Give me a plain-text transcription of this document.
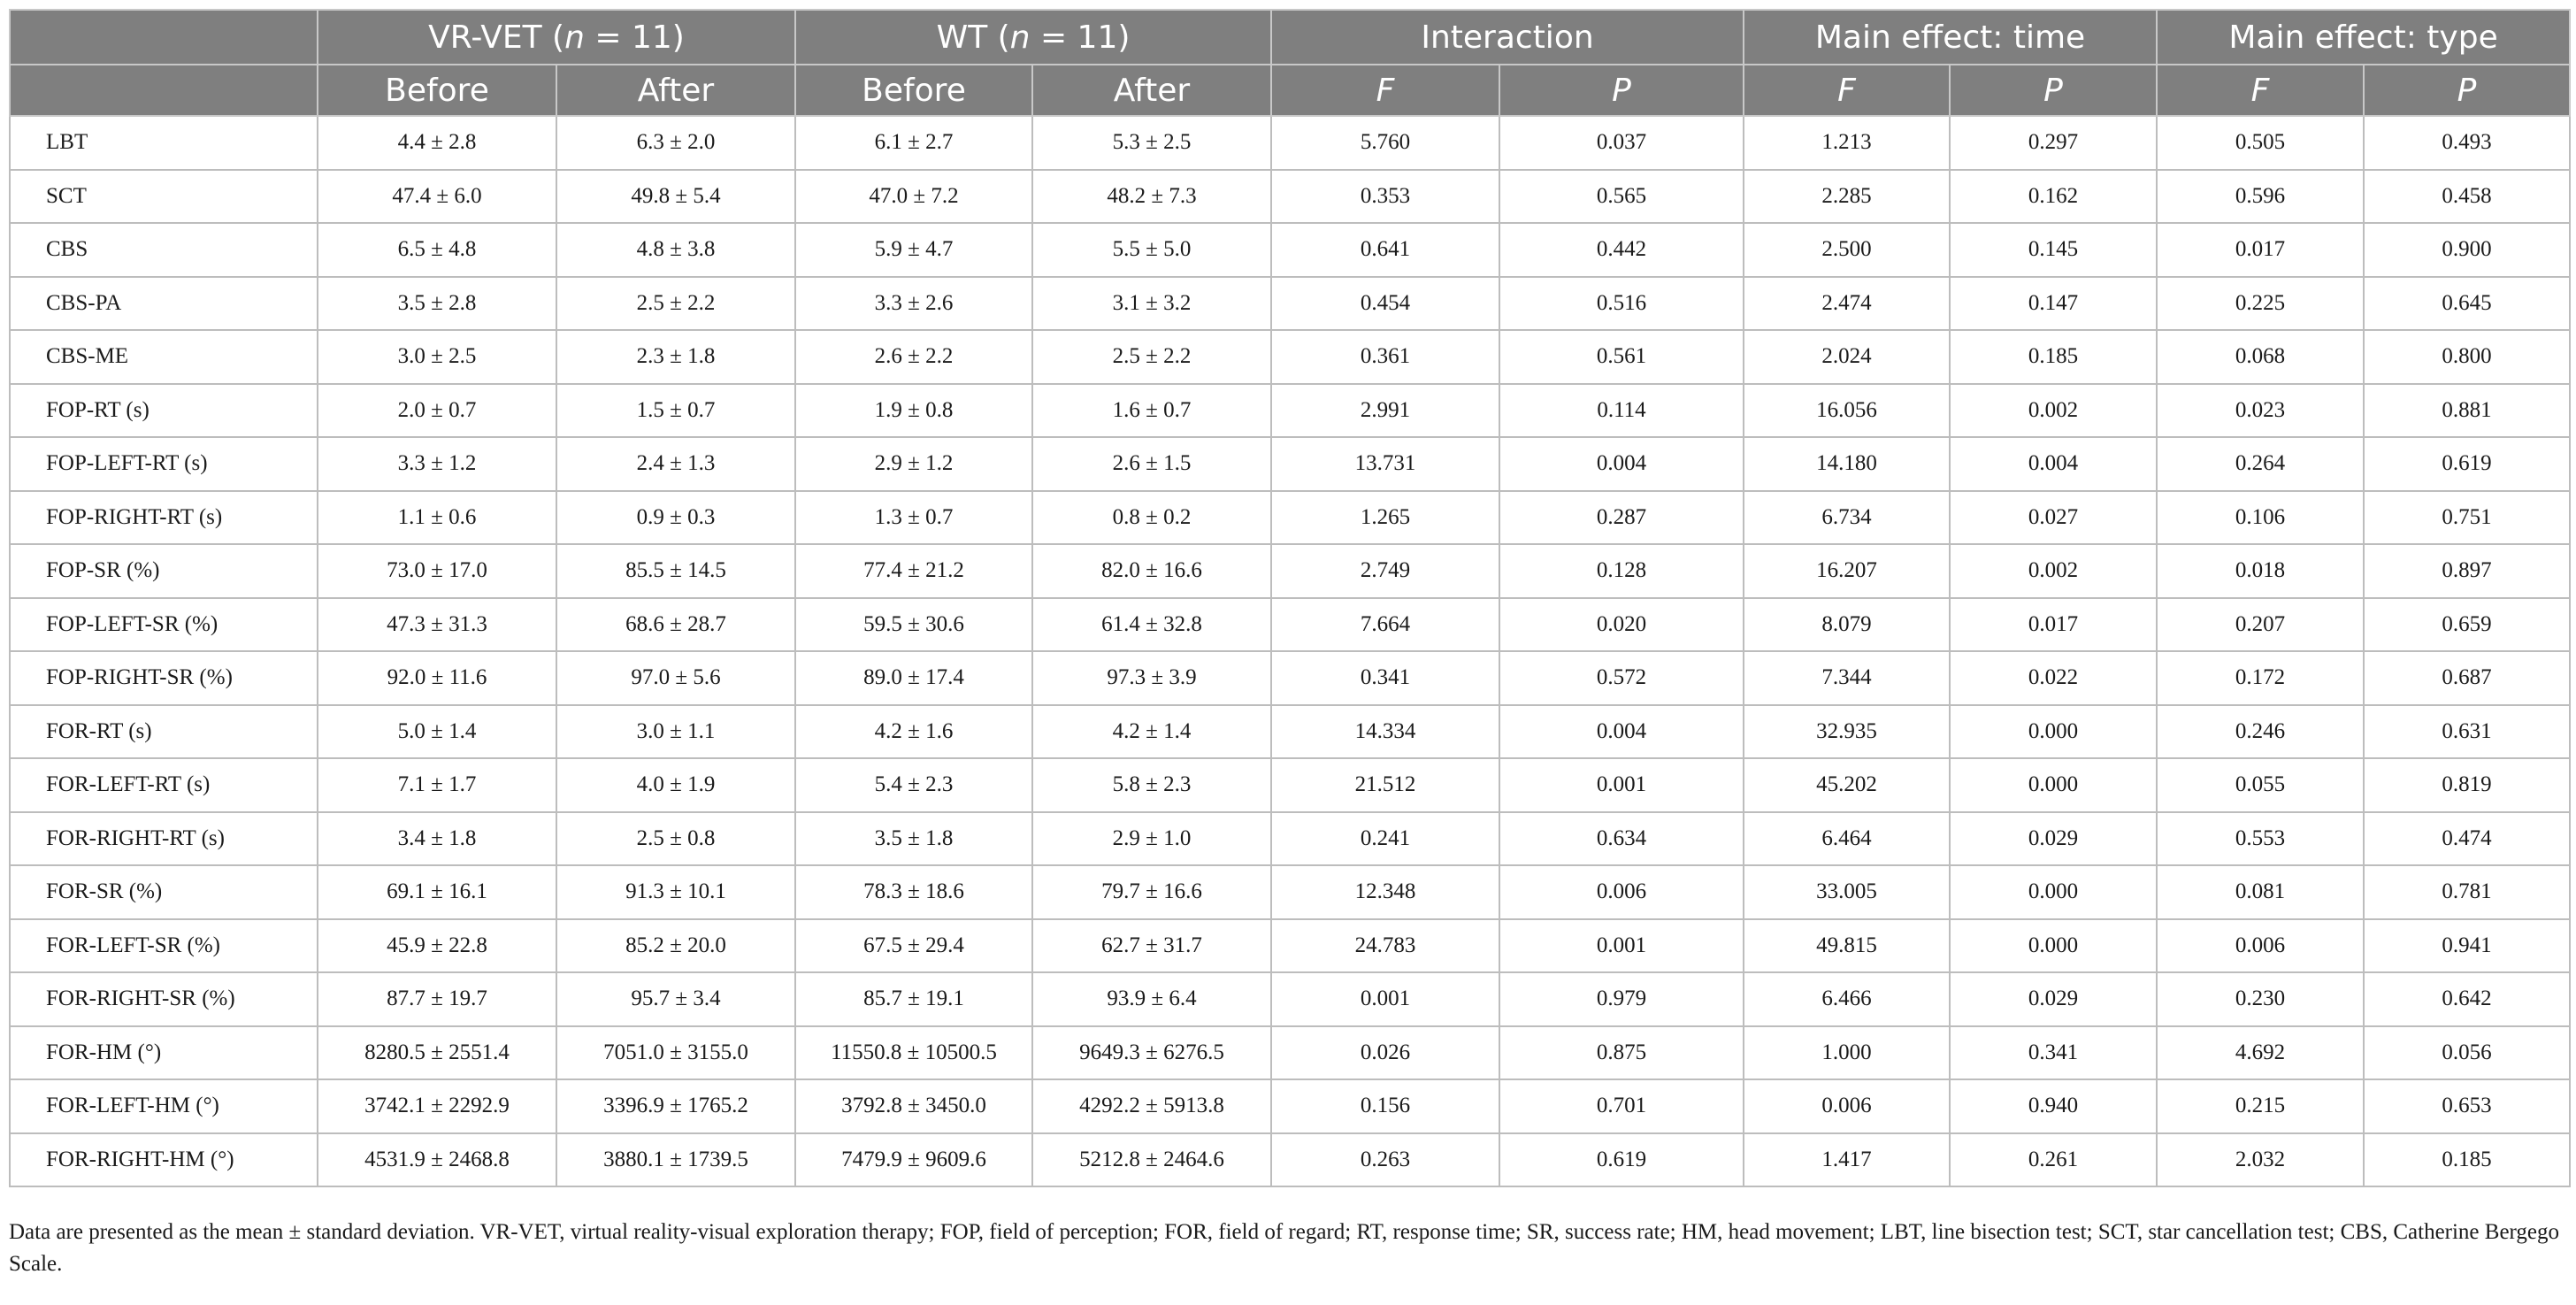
	VR-VET (n = 11)		WT (n = 11)		Interaction		Main effect: time		Main effect: type	
	Before	After	Before	After	F	P	F	P	F	P
LBT	4.4 ± 2.8	6.3 ± 2.0	6.1 ± 2.7	5.3 ± 2.5	5.760	0.037	1.213	0.297	0.505	0.493
SCT	47.4 ± 6.0	49.8 ± 5.4	47.0 ± 7.2	48.2 ± 7.3	0.353	0.565	2.285	0.162	0.596	0.458
CBS	6.5 ± 4.8	4.8 ± 3.8	5.9 ± 4.7	5.5 ± 5.0	0.641	0.442	2.500	0.145	0.017	0.900
CBS-PA	3.5 ± 2.8	2.5 ± 2.2	3.3 ± 2.6	3.1 ± 3.2	0.454	0.516	2.474	0.147	0.225	0.645
CBS-ME	3.0 ± 2.5	2.3 ± 1.8	2.6 ± 2.2	2.5 ± 2.2	0.361	0.561	2.024	0.185	0.068	0.800
FOP-RT (s)	2.0 ± 0.7	1.5 ± 0.7	1.9 ± 0.8	1.6 ± 0.7	2.991	0.114	16.056	0.002	0.023	0.881
FOP-LEFT-RT (s)	3.3 ± 1.2	2.4 ± 1.3	2.9 ± 1.2	2.6 ± 1.5	13.731	0.004	14.180	0.004	0.264	0.619
FOP-RIGHT-RT (s)	1.1 ± 0.6	0.9 ± 0.3	1.3 ± 0.7	0.8 ± 0.2	1.265	0.287	6.734	0.027	0.106	0.751
FOP-SR (%)	73.0 ± 17.0	85.5 ± 14.5	77.4 ± 21.2	82.0 ± 16.6	2.749	0.128	16.207	0.002	0.018	0.897
FOP-LEFT-SR (%)	47.3 ± 31.3	68.6 ± 28.7	59.5 ± 30.6	61.4 ± 32.8	7.664	0.020	8.079	0.017	0.207	0.659
FOP-RIGHT-SR (%)	92.0 ± 11.6	97.0 ± 5.6	89.0 ± 17.4	97.3 ± 3.9	0.341	0.572	7.344	0.022	0.172	0.687
FOR-RT (s)	5.0 ± 1.4	3.0 ± 1.1	4.2 ± 1.6	4.2 ± 1.4	14.334	0.004	32.935	0.000	0.246	0.631
FOR-LEFT-RT (s)	7.1 ± 1.7	4.0 ± 1.9	5.4 ± 2.3	5.8 ± 2.3	21.512	0.001	45.202	0.000	0.055	0.819
FOR-RIGHT-RT (s)	3.4 ± 1.8	2.5 ± 0.8	3.5 ± 1.8	2.9 ± 1.0	0.241	0.634	6.464	0.029	0.553	0.474
FOR-SR (%)	69.1 ± 16.1	91.3 ± 10.1	78.3 ± 18.6	79.7 ± 16.6	12.348	0.006	33.005	0.000	0.081	0.781
FOR-LEFT-SR (%)	45.9 ± 22.8	85.2 ± 20.0	67.5 ± 29.4	62.7 ± 31.7	24.783	0.001	49.815	0.000	0.006	0.941
FOR-RIGHT-SR (%)	87.7 ± 19.7	95.7 ± 3.4	85.7 ± 19.1	93.9 ± 6.4	0.001	0.979	6.466	0.029	0.230	0.642
FOR-HM (°)	8280.5 ± 2551.4	7051.0 ± 3155.0	11550.8 ± 10500.5	9649.3 ± 6276.5	0.026	0.875	1.000	0.341	4.692	0.056
FOR-LEFT-HM (°)	3742.1 ± 2292.9	3396.9 ± 1765.2	3792.8 ± 3450.0	4292.2 ± 5913.8	0.156	0.701	0.006	0.940	0.215	0.653
FOR-RIGHT-HM (°)	4531.9 ± 2468.8	3880.1 ± 1739.5	7479.9 ± 9609.6	5212.8 ± 2464.6	0.263	0.619	1.417	0.261	2.032	0.185
Data are presented as the mean ± standard deviation. VR-VET, virtual reality-visual exploration therapy; FOP, field of perception; FOR, field of regard; RT, response time; SR, success rate; HM, head movement; LBT, line bisection test; SCT, star cancellation test; CBS, Catherine Bergego Scale.
